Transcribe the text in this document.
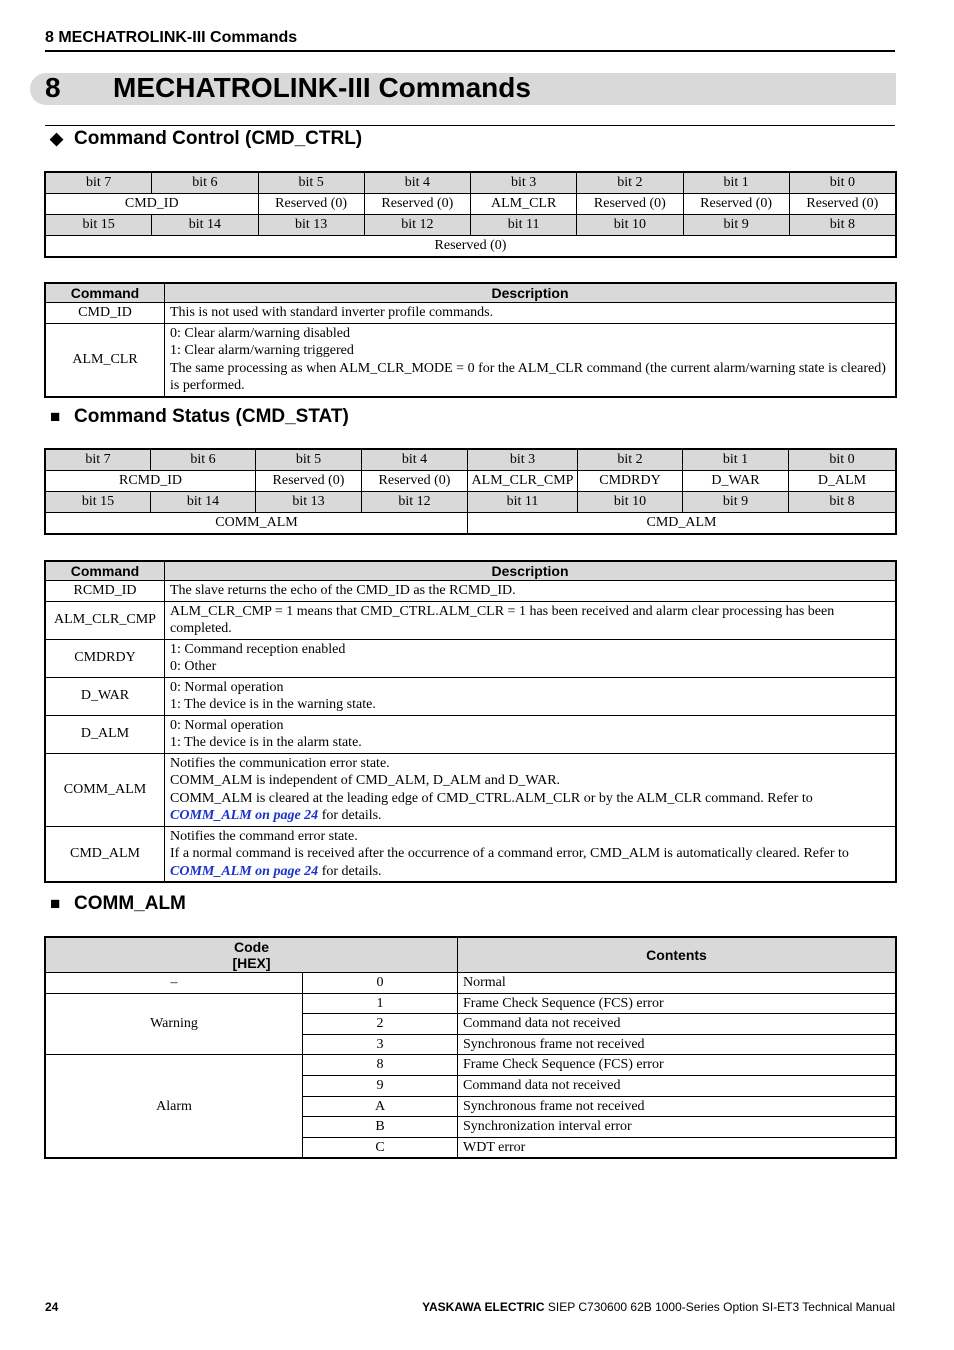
8 MECHATROLINK-III Commands
8 MECHATROLINK-III Commands
◆ Command Control (CMD_CTRL)
bit 7	bit 6	bit 5	bit 4	bit 3	bit 2	bit 1	bit 0
CMD_ID		Reserved (0)	Reserved (0)	ALM_CLR	Reserved (0)	Reserved (0)	Reserved (0)
bit 15	bit 14	bit 13	bit 12	bit 11	bit 10	bit 9	bit 8
Reserved (0)							
Command	Description
CMD_ID	This is not used with standard inverter profile commands.

ALM_CLR	0: Clear alarm/warning disabled
1: Clear alarm/warning triggered
The same processing as when ALM_CLR_MODE = 0 for the ALM_CLR command (the current alarm/warning state is cleared) is performed.
■ Command Status (CMD_STAT)
bit 7	bit 6	bit 5	bit 4	bit 3	bit 2	bit 1	bit 0
RCMD_ID		Reserved (0)	Reserved (0)	ALM_CLR_CMP	CMDRDY	D_WAR	D_ALM
bit 15	bit 14	bit 13	bit 12	bit 11	bit 10	bit 9	bit 8
COMM_ALM				CMD_ALM			
Command	Description
RCMD_ID	The slave returns the echo of the CMD_ID as the RCMD_ID.

ALM_CLR_CMP	ALM_CLR_CMP = 1 means that CMD_CTRL.ALM_CLR = 1 has been received and alarm clear processing has been completed.

CMDRDY	1: Command reception enabled
0: Other

D_WAR	0: Normal operation
1: The device is in the warning state.

D_ALM	0: Normal operation
1: The device is in the alarm state.

COMM_ALM	Notifies the communication error state.
COMM_ALM is independent of CMD_ALM, D_ALM and D_WAR.
COMM_ALM is cleared at the leading edge of CMD_CTRL.ALM_CLR or by the ALM_CLR command. Refer to
COMM_ALM on page 24 for details.

CMD_ALM	Notifies the command error state.
If a normal command is received after the occurrence of a command error, CMD_ALM is automatically cleared. Refer to
COMM_ALM on page 24 for details.
■ COMM_ALM
Code
[HEX]		Contents
–	0	Normal
Warning	1	Frame Check Sequence (FCS) error
	2	Command data not received
	3	Synchronous frame not received
Alarm	8	Frame Check Sequence (FCS) error
	9	Command data not received
	A	Synchronous frame not received
	B	Synchronization interval error
	C	WDT error
24	YASKAWA ELECTRIC SIEP C730600 62B 1000-Series Option SI-ET3 Technical Manual
